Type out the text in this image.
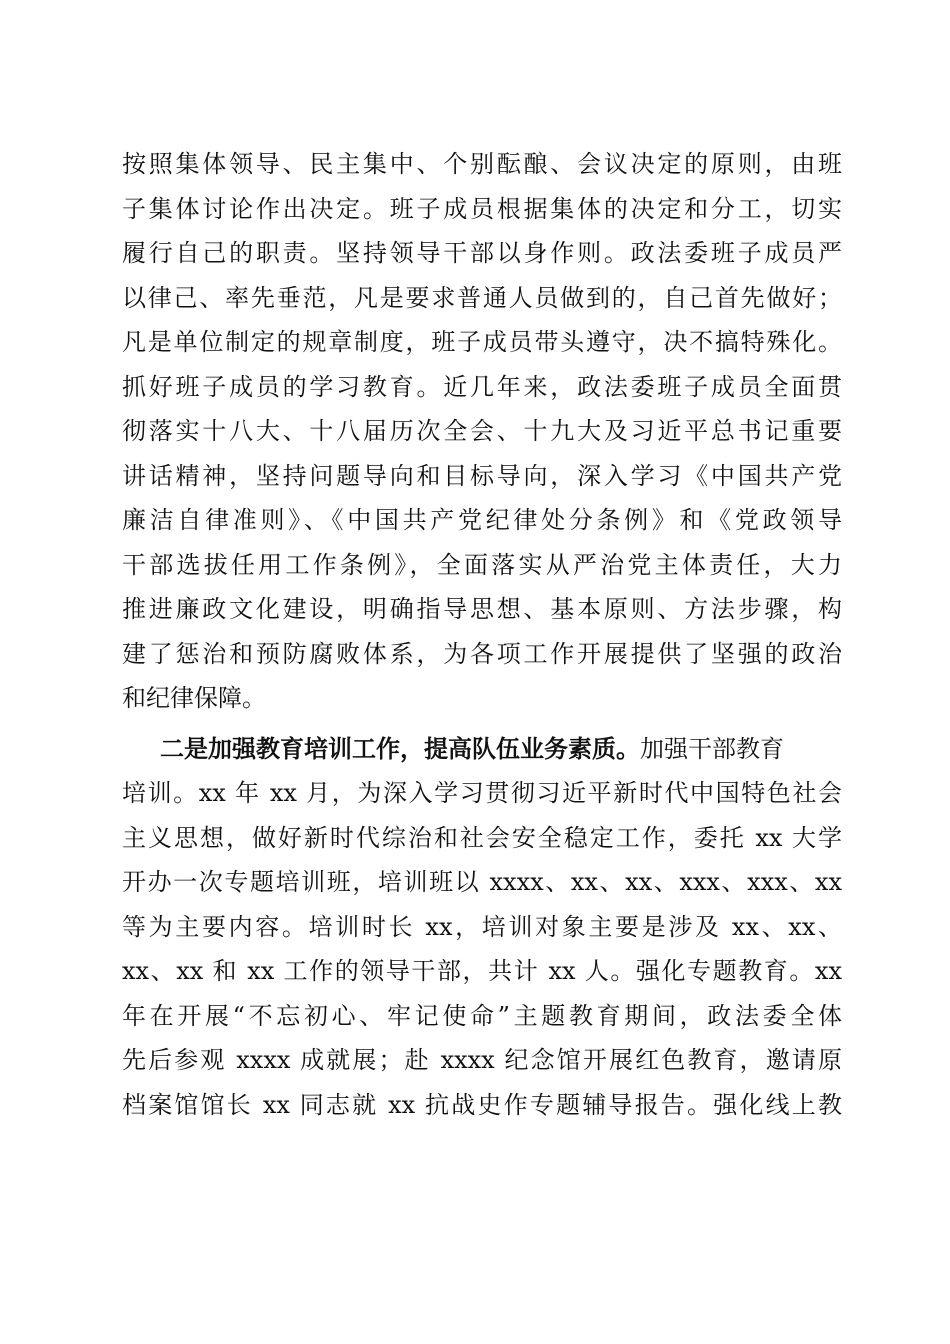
按照集体领导、民主集中、个别酝酿、会议决定的原则，由班
子集体讨论作出决定。班子成员根据集体的决定和分工，切实
履行自己的职责。坚持领导干部以身作则。政法委班子成员严
以律己、率先垂范，凡是要求普通人员做到的，自己首先做好；
凡是单位制定的规章制度，班子成员带头遵守，决不搞特殊化。
抓好班子成员的学习教育。近几年来，政法委班子成员全面贯
彻落实十八大、十八届历次全会、十九大及习近平总书记重要
讲话精神，坚持问题导向和目标导向，深入学习《中国共产党
廉洁自律准则》、《中国共产党纪律处分条例》和《党政领导
干部选拔任用工作条例》，全面落实从严治党主体责任，大力
推进廉政文化建设，明确指导思想、基本原则、方法步骤，构
建了惩治和预防腐败体系，为各项工作开展提供了坚强的政治
和纪律保障。
二是加强教育培训工作，提高队伍业务素质。加强干部教育
培训。xx 年 xx 月，为深入学习贯彻习近平新时代中国特色社会
主义思想，做好新时代综治和社会安全稳定工作，委托 xx 大学
开办一次专题培训班，培训班以 xxxx、xx、xx、xxx、xxx、xx
等为主要内容。培训时长 xx，培训对象主要是涉及 xx、xx、
xx、xx 和 xx 工作的领导干部，共计 xx 人。强化专题教育。xx
年在开展“不忘初心、牢记使命”主题教育期间，政法委全体
先后参观 xxxx 成就展；赴 xxxx 纪念馆开展红色教育，邀请原
档案馆馆长 xx 同志就 xx 抗战史作专题辅导报告。强化线上教
